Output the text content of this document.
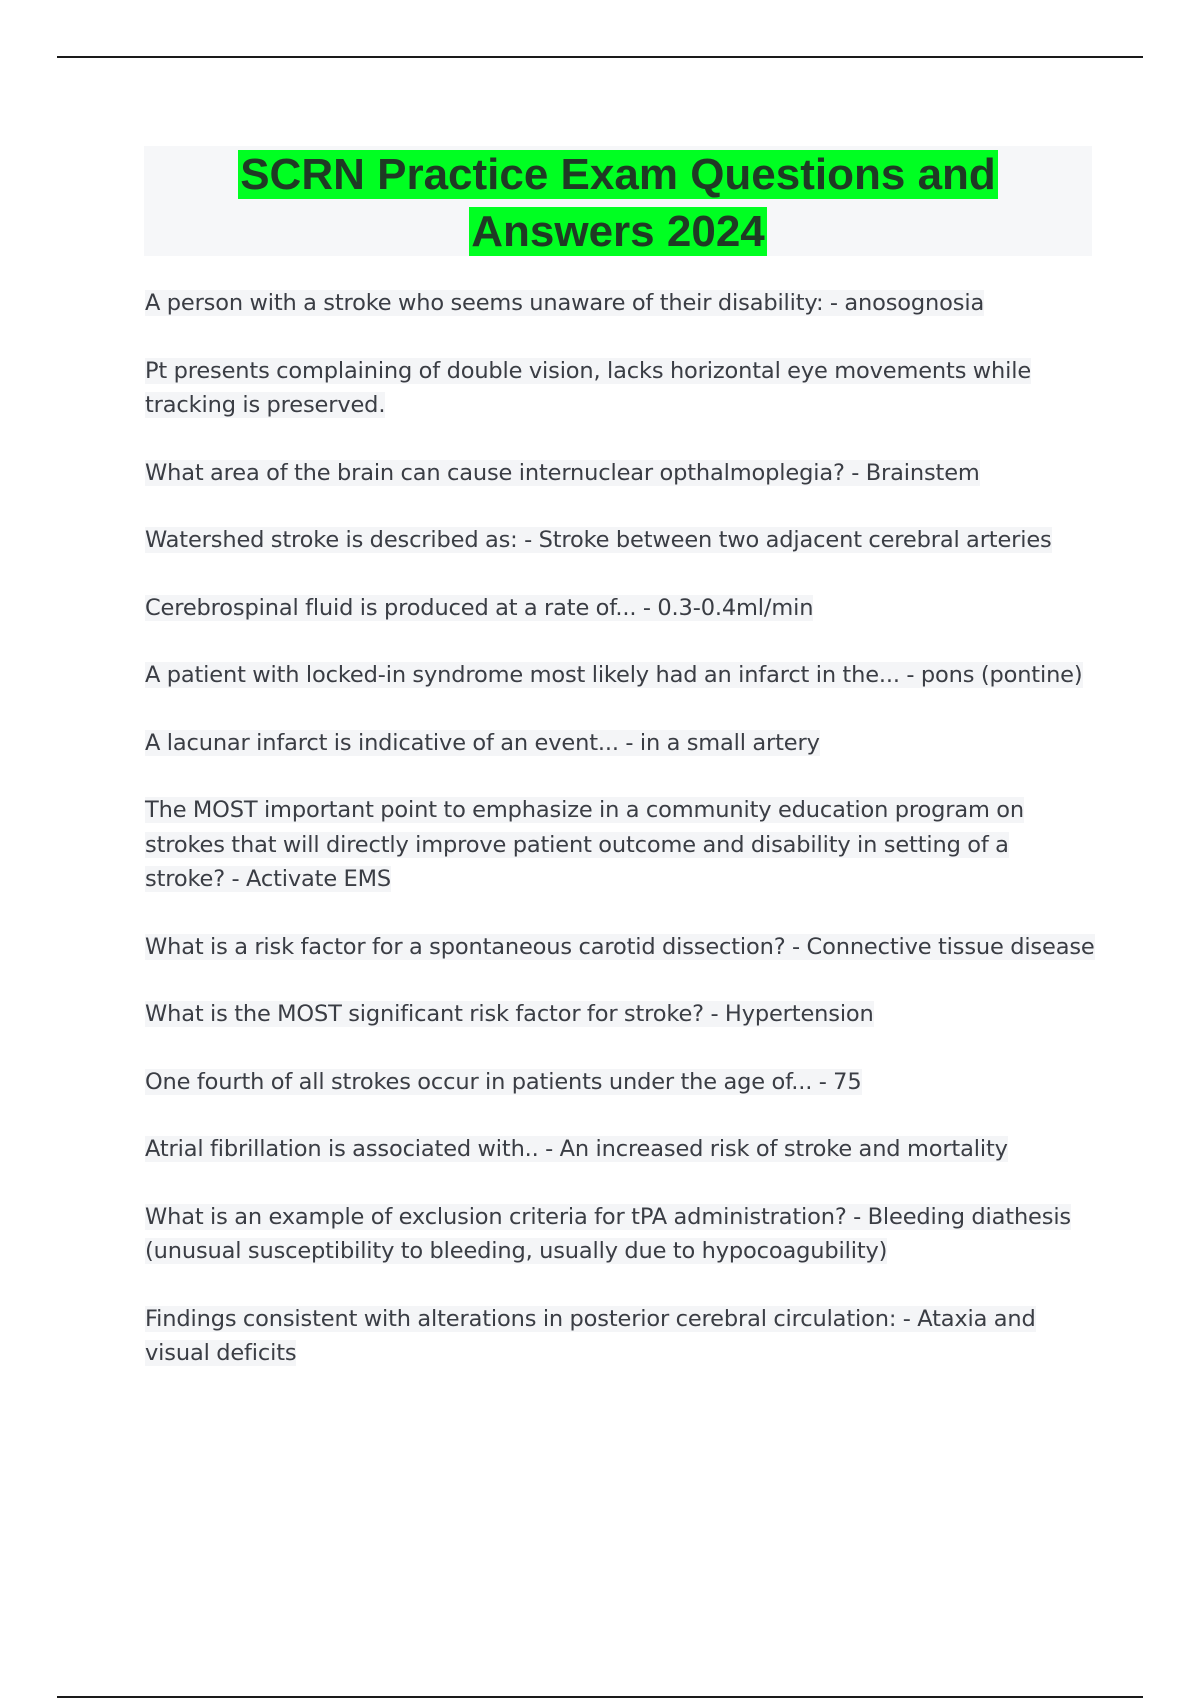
SCRN Practice Exam Questions and
Answers 2024
A person with a stroke who seems unaware of their disability: - anosognosia
Pt presents complaining of double vision, lacks horizontal eye movements while tracking is preserved.
What area of the brain can cause internuclear opthalmoplegia? - Brainstem
Watershed stroke is described as: - Stroke between two adjacent cerebral arteries
Cerebrospinal fluid is produced at a rate of... - 0.3-0.4ml/min
A patient with locked-in syndrome most likely had an infarct in the... - pons (pontine)
A lacunar infarct is indicative of an event... - in a small artery
The MOST important point to emphasize in a community education program on strokes that will directly improve patient outcome and disability in setting of a stroke? - Activate EMS
What is a risk factor for a spontaneous carotid dissection? - Connective tissue disease
What is the MOST significant risk factor for stroke? - Hypertension
One fourth of all strokes occur in patients under the age of... - 75
Atrial fibrillation is associated with.. - An increased risk of stroke and mortality
What is an example of exclusion criteria for tPA administration? - Bleeding diathesis (unusual susceptibility to bleeding, usually due to hypocoagubility)
Findings consistent with alterations in posterior cerebral circulation: - Ataxia and visual deficits
